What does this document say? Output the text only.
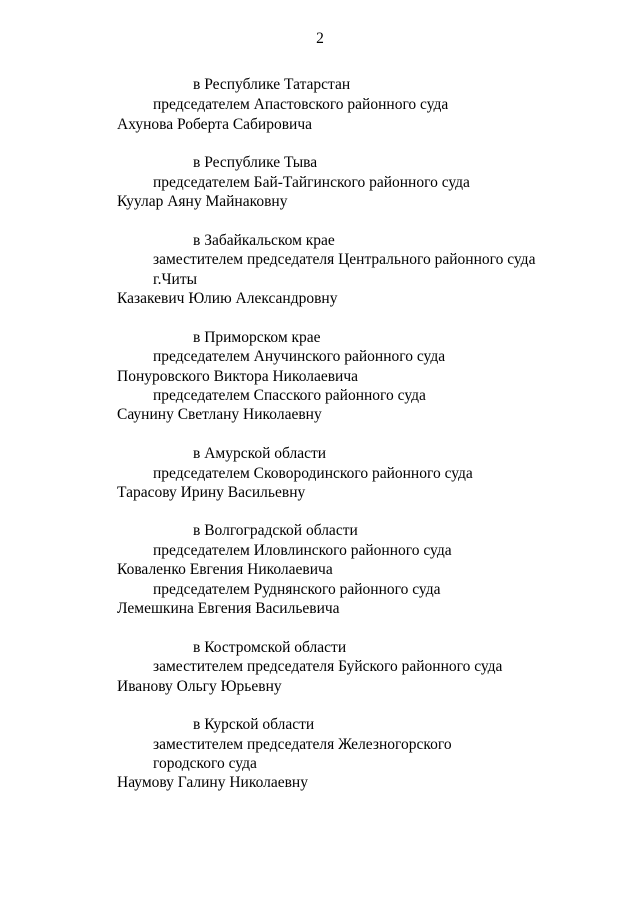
2
в Республике Татарстан
председателем Апастовского районного суда
Ахунова Роберта Сабировича
в Республике Тыва
председателем Бай-Тайгинского районного суда
Куулар Аяну Майнаковну
в Забайкальском крае
заместителем председателя Центрального районного суда
г.Читы
Казакевич Юлию Александровну
в Приморском крае
председателем Анучинского районного суда
Понуровского Виктора Николаевича
председателем Спасского районного суда
Саунину Светлану Николаевну
в Амурской области
председателем Сковородинского районного суда
Тарасову Ирину Васильевну
в Волгоградской области
председателем Иловлинского районного суда
Коваленко Евгения Николаевича
председателем Руднянского районного суда
Лемешкина Евгения Васильевича
в Костромской области
заместителем председателя Буйского районного суда
Иванову Ольгу Юрьевну
в Курской области
заместителем председателя Железногорского
городского суда
Наумову Галину Николаевну
